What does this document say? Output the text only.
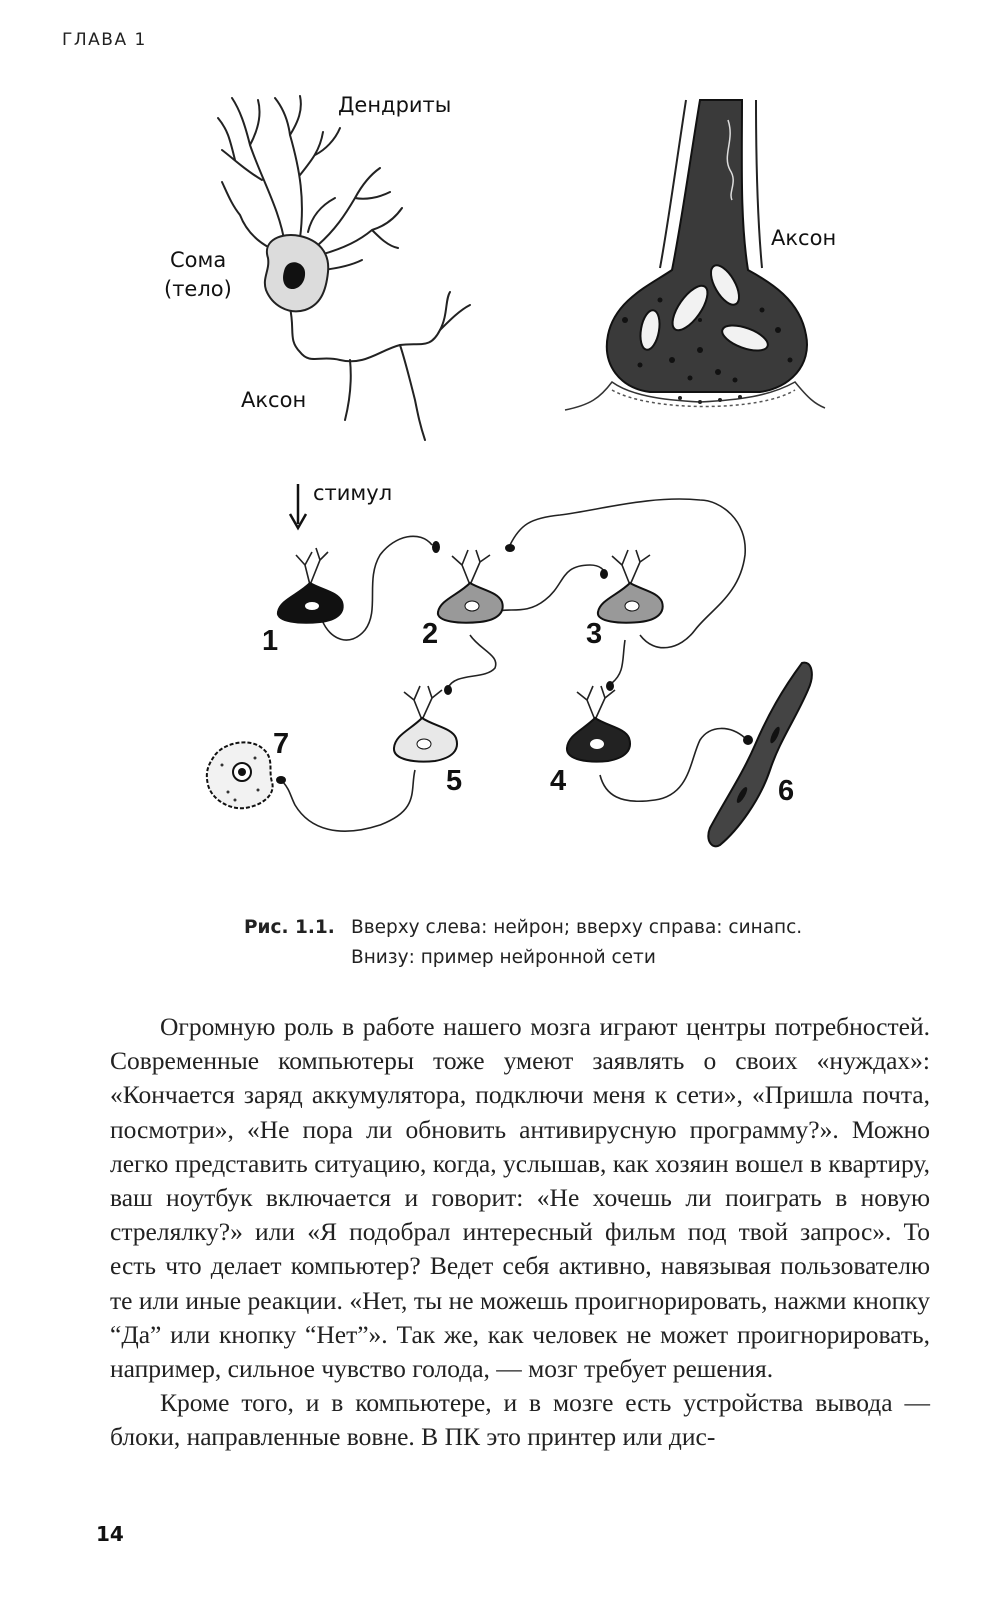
ГЛАВА 1
Дендриты
Сома
(тело)
Аксон
Аксон
стимул
1	2	3
4
5	6
7
Рис. 1.1. Вверху слева: нейрон; вверху справа: синапс. Внизу: пример нейронной сети

Огромную роль в работе нашего мозга играют центры потребностей. Современные компьютеры тоже умеют заявлять о своих «нуждах»: «Кончается заряд аккумулятора, подключи меня к сети», «Пришла почта, посмотри», «Не пора ли обновить антивирусную программу?». Можно легко представить ситуацию, когда, услышав, как хозяин вошел в квартиру, ваш ноутбук включается и говорит: «Не хочешь ли поиграть в новую стрелялку?» или «Я подобрал интересный фильм под твой запрос». То есть что делает компьютер? Ведет себя активно, навязывая пользователю те или иные реакции. «Нет, ты не можешь проигнорировать, нажми кнопку “Да” или кнопку “Нет”». Так же, как человек не может проигнорировать, например, сильное чувство голода, — мозг требует решения.

Кроме того, и в компьютере, и в мозге есть устройства вывода — блоки, направленные вовне. В ПК это принтер или дис-

14
